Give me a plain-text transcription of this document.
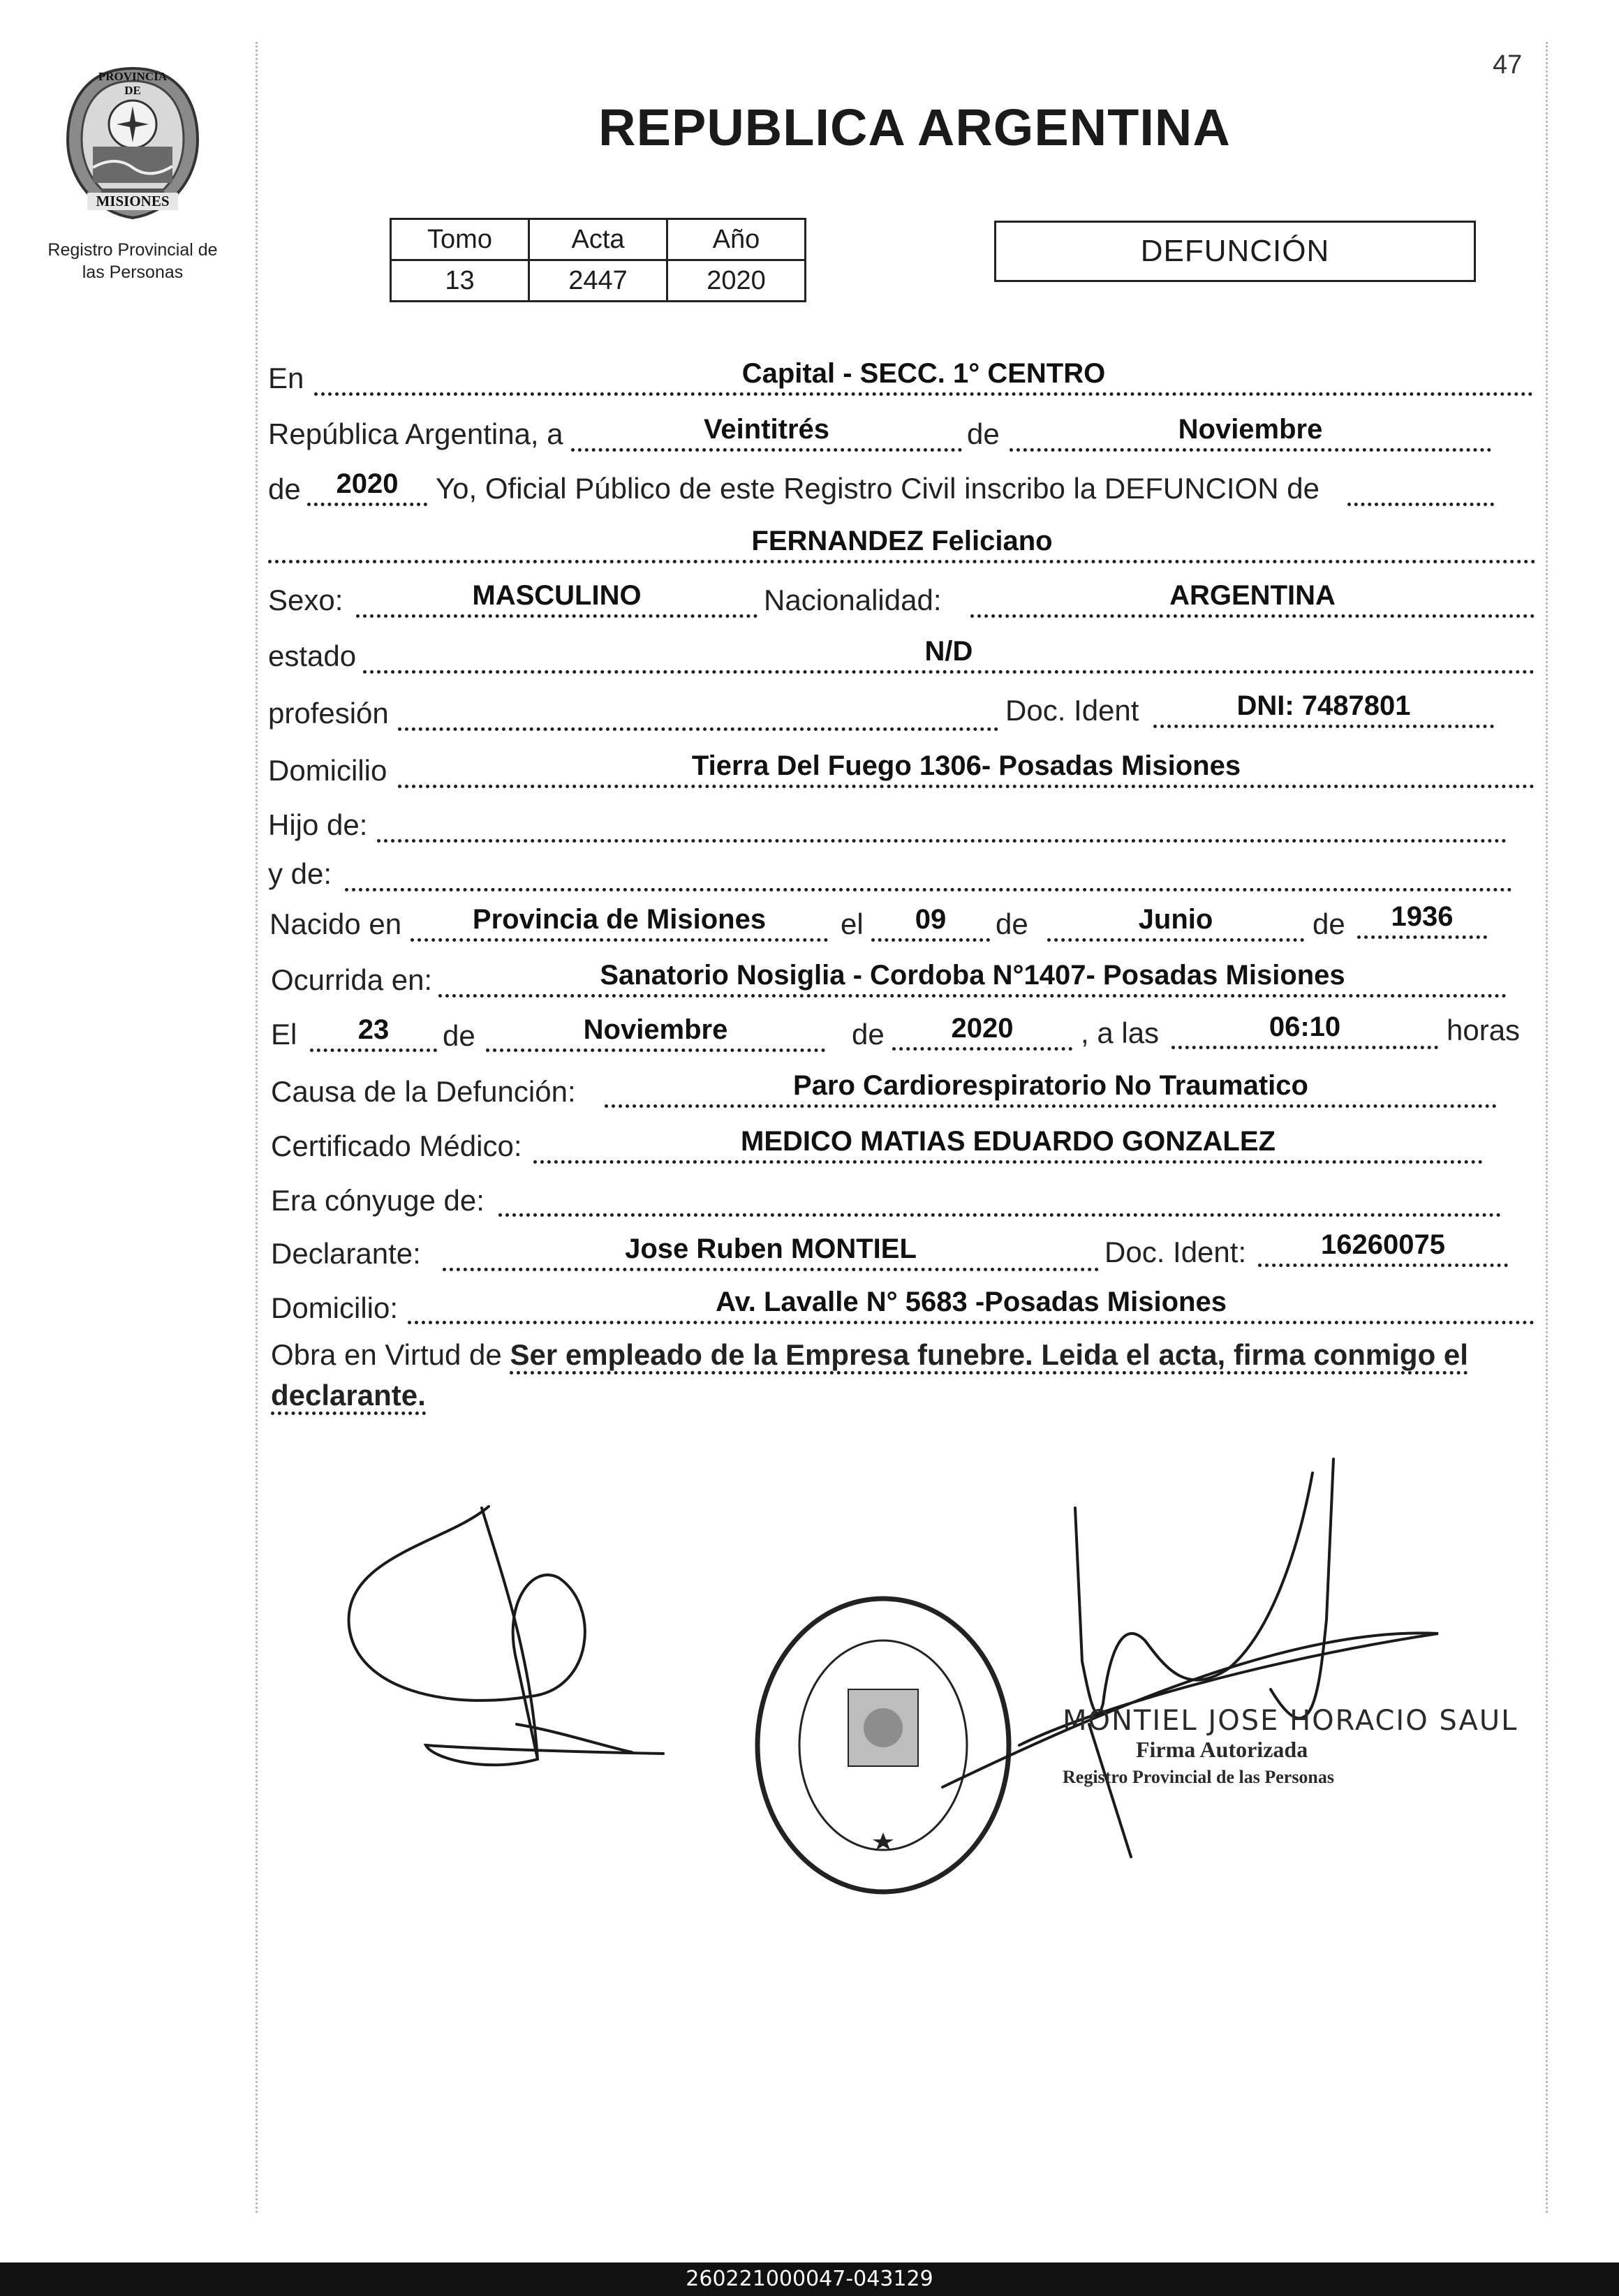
PROVINCIA DE
MISIONES
Registro Provincial de
las Personas
47
REPUBLICA ARGENTINA
Tomo	Acta	Año
13	2447	2020
DEFUNCIÓN
En	Capital - SECC. 1° CENTRO
República Argentina, a	Veintitrés	de	Noviembre
de	2020	Yo, Oficial Público de este Registro Civil inscribo la DEFUNCION de
FERNANDEZ Feliciano
Sexo:	MASCULINO	Nacionalidad:	ARGENTINA
estado	N/D
profesión	Doc. Ident	DNI: 7487801
Domicilio	Tierra Del Fuego 1306- Posadas Misiones
Hijo de:
y de:
Nacido en	Provincia de Misiones	el	09	de	Junio	de	1936
Ocurrida en:	Sanatorio Nosiglia - Cordoba N°1407- Posadas Misiones
El	23	de	Noviembre	de	2020	, a las	06:10	horas
Causa de la Defunción:	Paro Cardiorespiratorio No Traumatico
Certificado Médico:	MEDICO MATIAS EDUARDO GONZALEZ
Era cónyuge de:
Declarante:	Jose Ruben MONTIEL	Doc. Ident:	16260075
Domicilio:	Av. Lavalle N° 5683 -Posadas Misiones
Obra en Virtud de Ser empleado de la Empresa funebre. Leida el acta, firma conmigo el declarante.
MONTIEL JOSE HORACIO SAUL
Firma Autorizada
Registro Provincial de las Personas
260221000047-043129
